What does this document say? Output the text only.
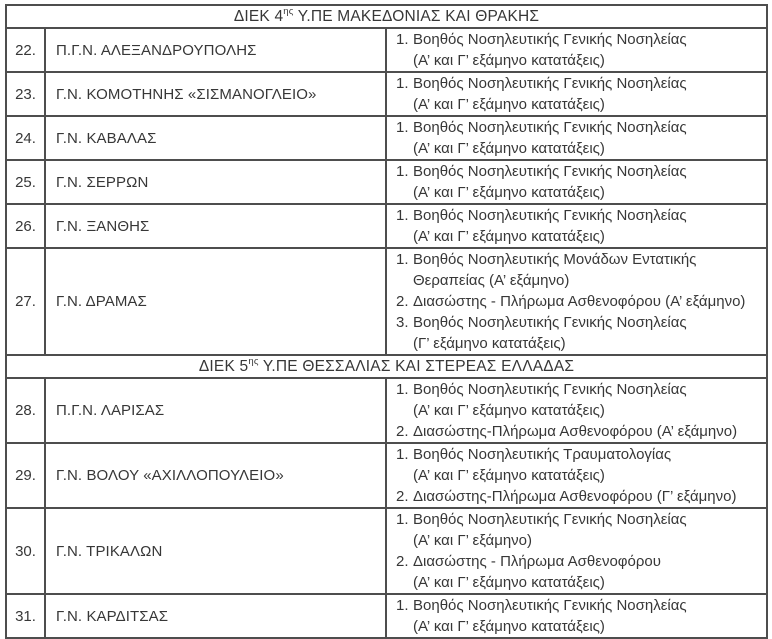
ΔΙΕΚ $4^{\eta\varsigma}$ Υ.ΠΕ ΜΑΚΕΔΟΝΙΑΣ ΚΑΙ ΘΡΑΚΗΣ		
22.	Π.Γ.Ν. ΑΛΕΞΑΝΔΡΟΥΠΟΛΗΣ	1. Βοηθός Νοσηλευτικής Γενικής Νοσηλείας
(Α’ και Γ’ εξάμηνο κατατάξεις)

23.	Γ.Ν. ΚΟΜΟΤΗΝΗΣ «ΣΙΣΜΑΝΟΓΛΕΙΟ»	1. Βοηθός Νοσηλευτικής Γενικής Νοσηλείας
(Α’ και Γ’ εξάμηνο κατατάξεις)

24.	Γ.Ν. ΚΑΒΑΛΑΣ	1. Βοηθός Νοσηλευτικής Γενικής Νοσηλείας
(Α’ και Γ’ εξάμηνο κατατάξεις)

25.	Γ.Ν. ΣΕΡΡΩΝ	1. Βοηθός Νοσηλευτικής Γενικής Νοσηλείας
(Α’ και Γ’ εξάμηνο κατατάξεις)

26.	Γ.Ν. ΞΑΝΘΗΣ	1. Βοηθός Νοσηλευτικής Γενικής Νοσηλείας
(Α’ και Γ’ εξάμηνο κατατάξεις)

27.	Γ.Ν. ΔΡΑΜΑΣ	
1. Βοηθός Νοσηλευτικής Μονάδων Εντατικής
Θεραπείας (Α’ εξάμηνο)
2. Διασώστης - Πλήρωμα Ασθενοφόρου (Α’ εξάμηνο)
3. Βοηθός Νοσηλευτικής Γενικής Νοσηλείας
(Γ’ εξάμηνο κατατάξεις)

ΔΙΕΚ $5^{\eta\varsigma}$ Υ.ΠΕ ΘΕΣΣΑΛΙΑΣ ΚΑΙ ΣΤΕΡΕΑΣ ΕΛΛΑΔΑΣ		
28.	Π.Γ.Ν. ΛΑΡΙΣΑΣ	1. Βοηθός Νοσηλευτικής Γενικής Νοσηλείας
(Α’ και Γ’ εξάμηνο κατατάξεις)
2. Διασώστης-Πλήρωμα Ασθενοφόρου (Α’ εξάμηνο)

29.	Γ.Ν. ΒΟΛΟΥ «ΑΧΙΛΛΟΠΟΥΛΕΙΟ»	1. Βοηθός Νοσηλευτικής Τραυματολογίας
(Α’ και Γ’ εξάμηνο κατατάξεις)
2. Διασώστης-Πλήρωμα Ασθενοφόρου (Γ’ εξάμηνο)

30.	Γ.Ν. ΤΡΙΚΑΛΩΝ	
1. Βοηθός Νοσηλευτικής Γενικής Νοσηλείας
(Α’ και Γ’ εξάμηνο)
2. Διασώστης - Πλήρωμα Ασθενοφόρου
(Α’ και Γ’ εξάμηνο κατατάξεις)

31.	Γ.Ν. ΚΑΡΔΙΤΣΑΣ	1. Βοηθός Νοσηλευτικής Γενικής Νοσηλείας
(Α’ και Γ’ εξάμηνο κατατάξεις)
